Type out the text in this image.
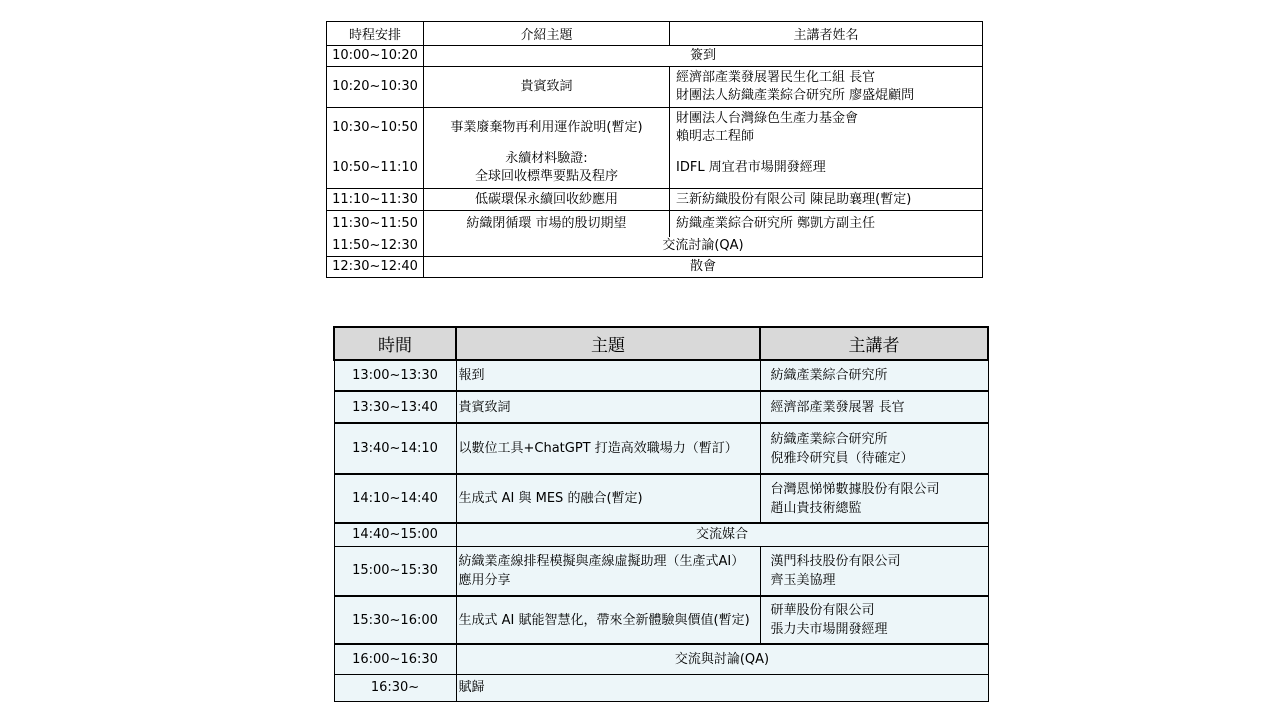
時程安排	介紹主題	主講者姓名
10:00~10:20	簽到	
10:20~10:30	貴賓致詞	經濟部產業發展署民生化工組 長官
財團法人紡織產業綜合研究所 廖盛焜顧問

10:30~10:50	事業廢棄物再利用運作說明(暫定)	財團法人台灣綠色生產力基金會
賴明志工程師

10:50~11:10	永續材料驗證:
全球回收標準要點及程序	IDFL 周宜君市場開發經理
11:10~11:30	低碳環保永續回收紗應用	三新紡織股份有限公司 陳昆助襄理(暫定)
11:30~11:50	紡織閉循環 市場的殷切期望	紡織產業綜合研究所 鄭凱方副主任
11:50~12:30	交流討論(QA)	
12:30~12:40	散會	
時間	主題	主講者
13:00~13:30	報到	紡織產業綜合研究所
13:30~13:40	貴賓致詞	經濟部產業發展署 長官
13:40~14:10	以數位工具+ChatGPT 打造高效職場力（暫訂）	紡織產業綜合研究所
倪雅玲研究員（待確定）

14:10~14:40	生成式 AI 與 MES 的融合(暫定)	台灣恩悌悌數據股份有限公司
趙山貴技術總監

14:40~15:00	交流媒合	
15:00~15:30	紡織業產線排程模擬與產線虛擬助理（生產式AI）應用分享	漢門科技股份有限公司
齊玉美協理

15:30~16:00	生成式 AI 賦能智慧化，帶來全新體驗與價值(暫定)	研華股份有限公司
張力夫市場開發經理

16:00~16:30	交流與討論(QA)	
16:30~	賦歸	
